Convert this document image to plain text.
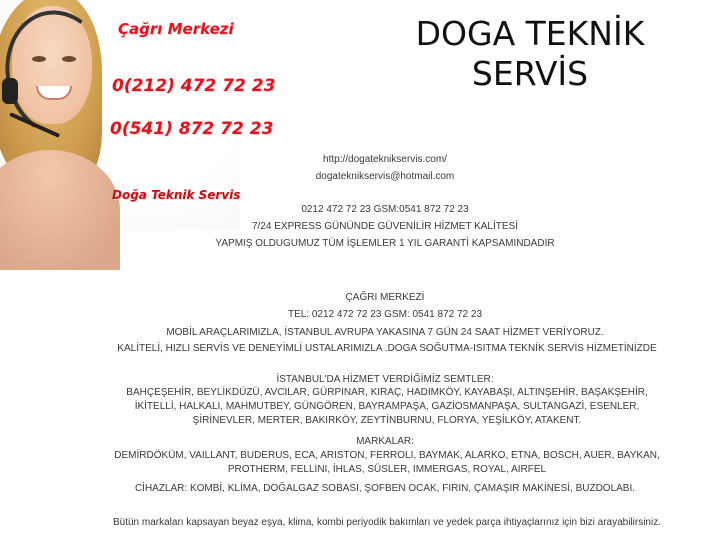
Çağrı Merkezi
0(212) 472 72 23
0(541) 872 72 23
Doğa Teknik Servis
DOGA TEKNİK SERVİS
http://dogateknikservis.com/
dogateknikservis@hotmail.com
0212 472 72 23 GSM:0541 872 72 23
7/24 EXPRESS GÜNÜNDE GÜVENİLİR HİZMET KALİTESİ
YAPMIŞ OLDUGUMUZ TÜM İŞLEMLER 1 YIL GARANTİ KAPSAMINDADIR
ÇAĞRI MERKEZİ
TEL: 0212 472 72 23 GSM: 0541 872 72 23
MOBİL ARAÇLARIMIZLA, İSTANBUL AVRUPA YAKASINA 7 GÜN 24 SAAT HİZMET VERİYORUZ.
KALİTELİ, HIZLI SERVİS VE DENEYİMLİ USTALARIMIZLA .DOGA SOĞUTMA-ISITMA TEKNİK SERVİS HİZMETİNİZDE
İSTANBUL'DA HİZMET VERDİĞİMİZ SEMTLER:
BAHÇEŞEHİR, BEYLİKDÜZÜ, AVCILAR, GÜRPINAR, KIRAÇ, HADIMKÖY, KAYABAŞI, ALTINŞEHİR, BAŞAKŞEHİR, İKİTELLİ, HALKALI, MAHMUTBEY, GÜNGÖREN, BAYRAMPAŞA, GAZİOSMANPAŞA, SULTANGAZİ, ESENLER, ŞİRİNEVLER, MERTER, BAKIRKÖY, ZEYTİNBURNU, FLORYA, YEŞİLKÖY, ATAKENT.
MARKALAR:
DEMİRDÖKÜM, VAILLANT, BUDERUS, ECA, ARISTON, FERROLI, BAYMAK, ALARKO, ETNA, BOSCH, AUER, BAYKAN, PROTHERM, FELLINI, İHLAS, SÜSLER, IMMERGAS, ROYAL, AIRFEL
CİHAZLAR: KOMBİ, KLİMA, DOĞALGAZ SOBASI, ŞOFBEN OCAK, FIRIN, ÇAMAŞIR MAKİNESİ, BUZDOLABI.
Bütün markaları kapsayan beyaz eşya, klima, kombi periyodik bakımları ve yedek parça ihtiyaçlarınız için bizi arayabilirsiniz.
